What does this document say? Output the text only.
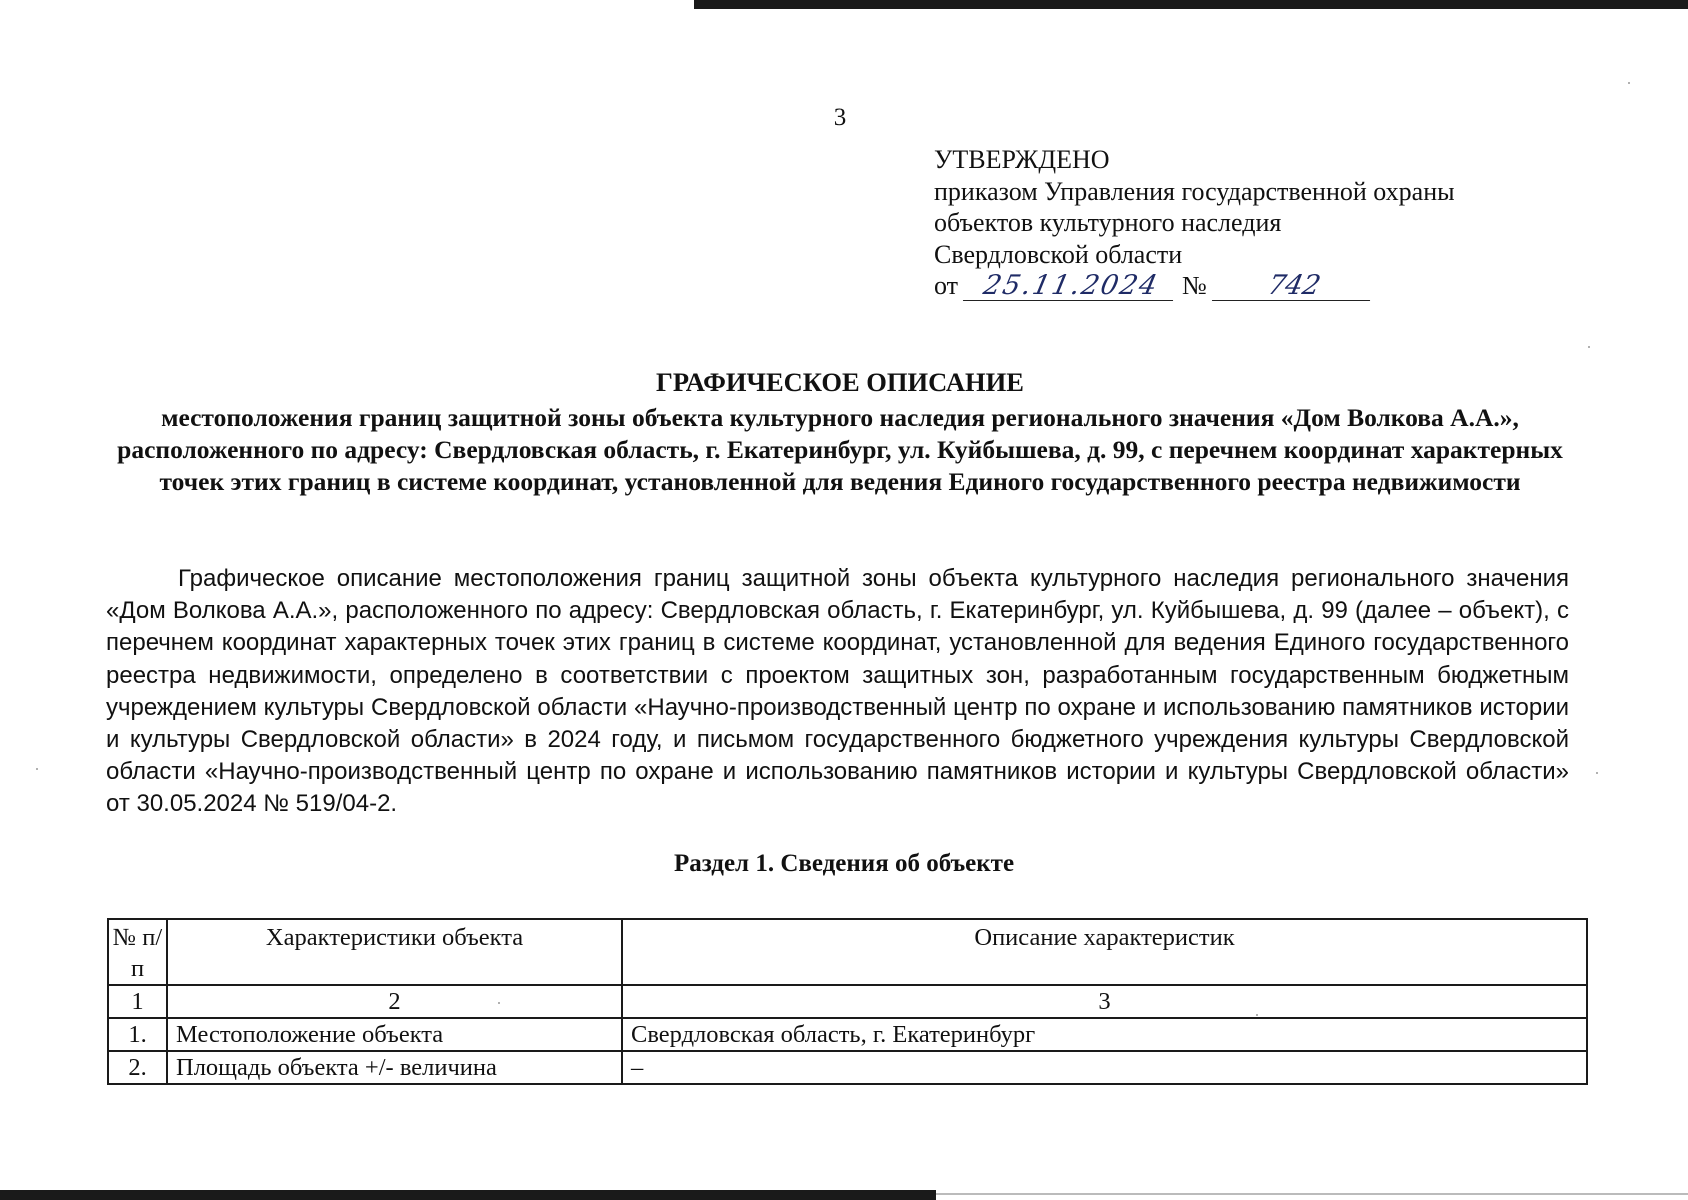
3
УТВЕРЖДЕНО
приказом Управления государственной охраны
объектов культурного наследия
Свердловской области
от 25.11.2024 №	742
ГРАФИЧЕСКОЕ ОПИСАНИЕ
местоположения границ защитной зоны объекта культурного наследия регионального значения «Дом Волкова А.А.», расположенного по адресу: Свердловская область, г. Екатеринбург, ул. Куйбышева, д. 99, с перечнем координат характерных точек этих границ в системе координат, установленной для ведения Единого государственного реестра недвижимости
Графическое описание местоположения границ защитной зоны объекта культурного наследия регионального значения «Дом Волкова А.А.», расположенного по адресу: Свердловская область, г. Екатеринбург, ул. Куйбышева, д. 99 (далее – объект), с перечнем координат характерных точек этих границ в системе координат, установленной для ведения Единого государственного реестра недвижимости, определено в соответствии с проектом защитных зон, разработанным государственным бюджетным учреждением культуры Свердловской области «Научно-производственный центр по охране и использованию памятников истории и культуры Свердловской области» в 2024 году, и письмом государственного бюджетного учреждения культуры Свердловской области «Научно-производственный центр по охране и использованию памятников истории и культуры Свердловской области» от 30.05.2024 № 519/04-2.
Раздел 1. Сведения об объекте
№ п/п	Характеристики объекта	Описание характеристик
1	2	3
1.	Местоположение объекта	Свердловская область, г. Екатеринбург
2.	Площадь объекта +/- величина	–
